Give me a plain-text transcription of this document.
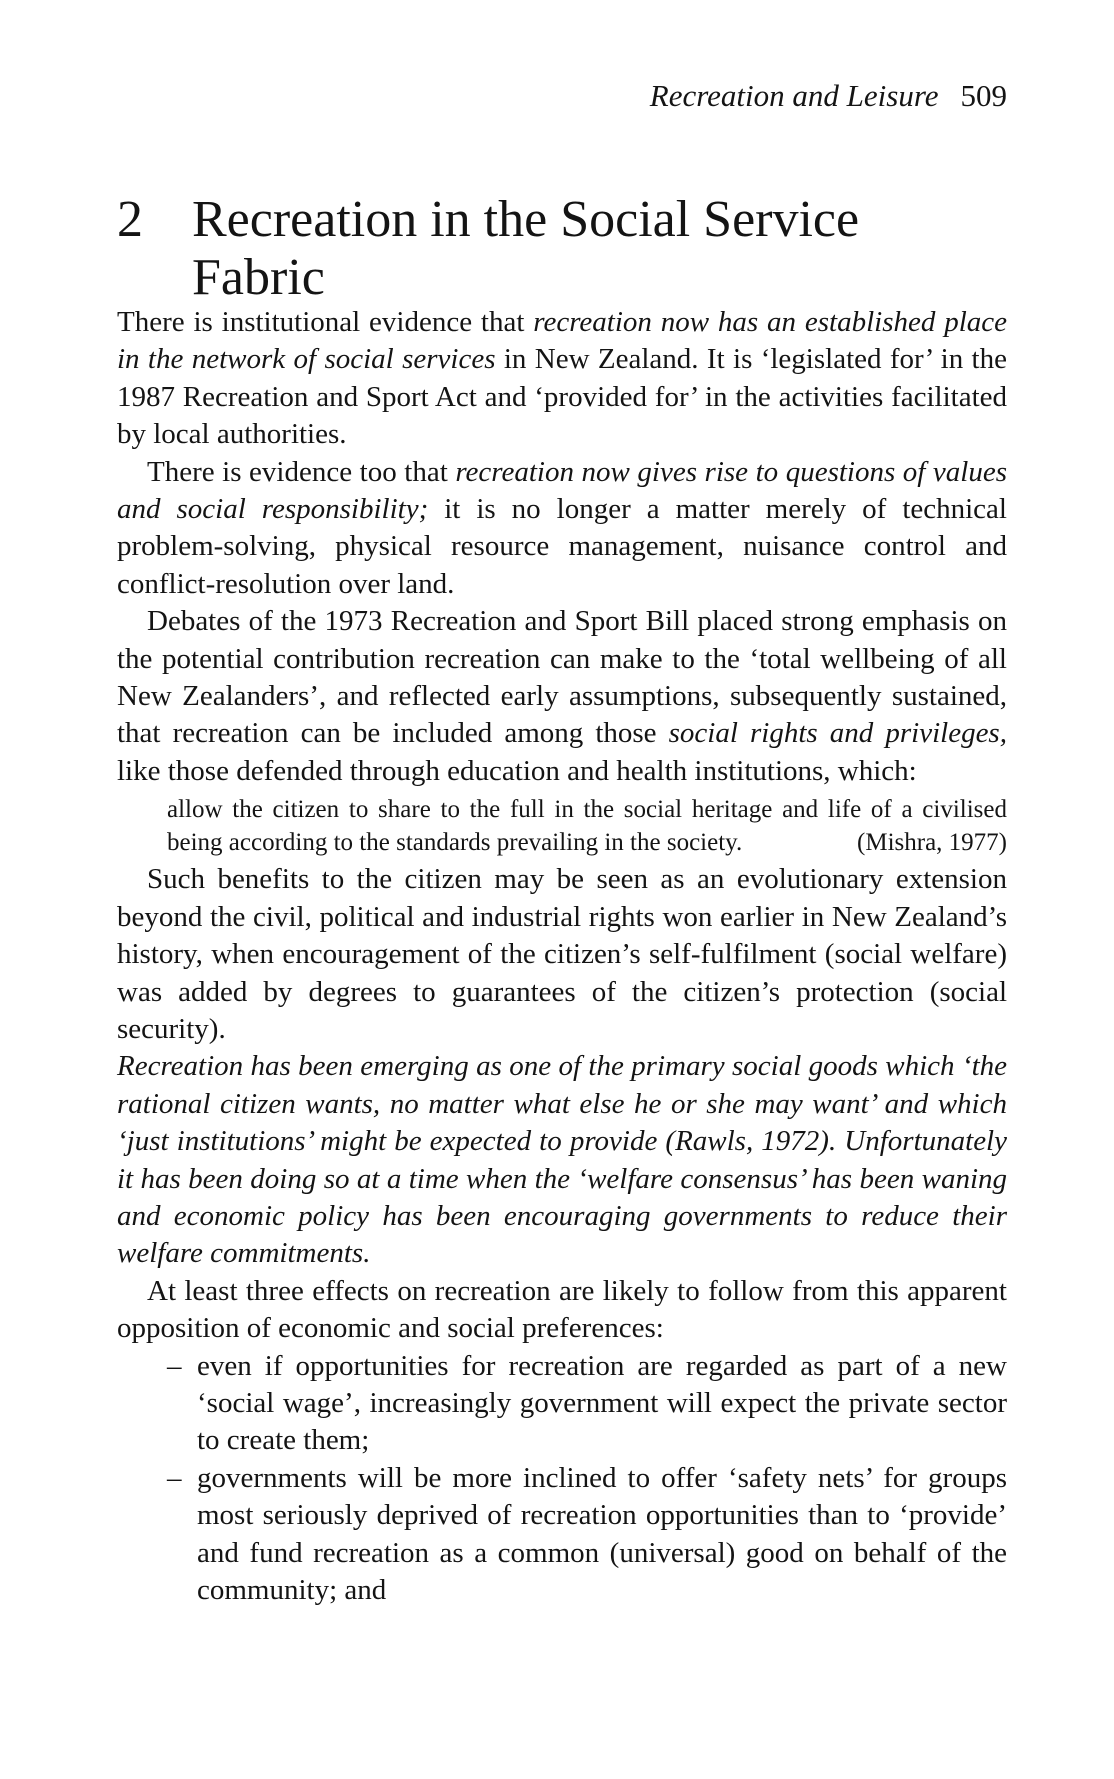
Recreation and Leisure 509
2 Recreation in the Social Service Fabric

There is institutional evidence that recreation now has an established place in the network of social services in New Zealand. It is ‘legislated for’ in the 1987 Recreation and Sport Act and ‘provided for’ in the activities facilitated by local authorities.

There is evidence too that recreation now gives rise to questions of values and social responsibility; it is no longer a matter merely of technical problem-solving, physical resource management, nuisance control and conflict-resolution over land.

Debates of the 1973 Recreation and Sport Bill placed strong emphasis on the potential contribution recreation can make to the ‘total wellbeing of all New Zealanders’, and reflected early assumptions, subsequently sustained, that recreation can be included among those social rights and privileges, like those defended through education and health institutions, which:

allow the citizen to share to the full in the social heritage and life of a civilised being according to the standards prevailing in the society.	(Mishra, 1977)

Such benefits to the citizen may be seen as an evolutionary extension beyond the civil, political and industrial rights won earlier in New Zealand’s history, when encouragement of the citizen’s self-fulfilment (social welfare) was added by degrees to guarantees of the citizen’s protection (social security).

Recreation has been emerging as one of the primary social goods which ‘the rational citizen wants, no matter what else he or she may want’ and which ‘just institutions’ might be expected to provide (Rawls, 1972). Unfortunately it has been doing so at a time when the ‘welfare consensus’ has been waning and economic policy has been encouraging governments to reduce their welfare commitments.

At least three effects on recreation are likely to follow from this apparent opposition of economic and social preferences:

– even if opportunities for recreation are regarded as part of a new ‘social wage’, increasingly government will expect the private sector to create them;
– governments will be more inclined to offer ‘safety nets’ for groups most seriously deprived of recreation opportunities than to ‘provide’ and fund recreation as a common (universal) good on behalf of the community; and
